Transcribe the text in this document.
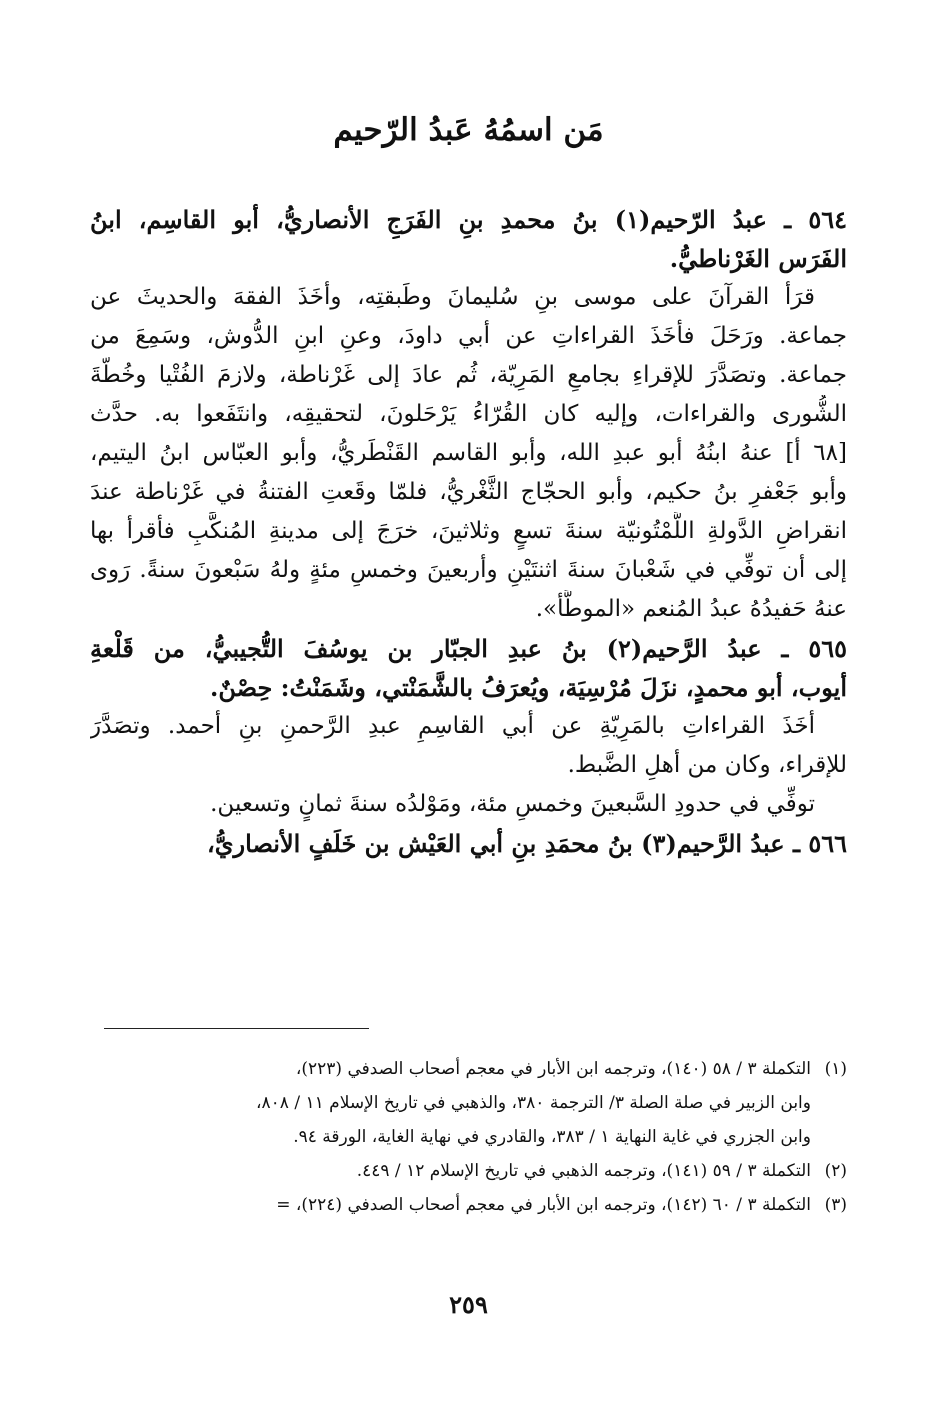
مَن اسمُهُ عَبدُ الرّحيم
٥٦٤ ـ عبدُ الرّحيم(١) بنُ محمدِ بنِ الفَرَجِ الأنصاريُّ، أبو القاسِم، ابنُ
الفَرَس الغَرْناطيُّ.
قرَأ القرآنَ على موسى بنِ سُليمانَ وطَبقتِه، وأخَذَ الفقهَ والحديثَ عن
جماعة. ورَحَلَ فأخَذَ القراءاتِ عن أبي داودَ، وعنِ ابنِ الدُّوش، وسَمِعَ من
جماعة. وتصَدَّرَ للإقراءِ بجامعِ المَرِيّة، ثُم عادَ إلى غَرْناطة، ولازمَ الفُتْيا وخُطّةَ
الشُّورى والقراءات، وإليه كان القُرّاءُ يَرْحَلونَ، لتحقيقِه، وانتَفَعوا به. حدَّث
[٦٨ أ] عنهُ ابنُهُ أبو عبدِ الله، وأبو القاسم القَنْطَريُّ، وأبو العبّاس ابنُ اليتيم،
وأبو جَعْفرِ بنُ حكيم، وأبو الحجّاج الثَّغْريُّ، فلمّا وقَعتِ الفتنةُ في غَرْناطة عندَ
انقراضِ الدَّولةِ اللَّمْتُونيّة سنةَ تسعٍ وثلاثينَ، خرَجَ إلى مدينةِ المُنكَّبِ فأقرأ بها
إلى أن توفِّي في شَعْبانَ سنةَ اثنتَيْنِ وأربعينَ وخمسِ مئةٍ ولهُ سَبْعونَ سنةً. رَوى
عنهُ حَفيدُهُ عبدُ المُنعم «الموطَّأ».
٥٦٥ ـ عبدُ الرَّحيم(٢) بنُ عبدِ الجبّار بن يوسُفَ التُّجيبيُّ، من قَلْعةِ
أيوب، أبو محمدٍ، نزَلَ مُرْسِيَة، ويُعرَفُ بالشَّمَنْتي، وشَمَنْتُ: حِصْنٌ.
أخَذَ القراءاتِ بالمَرِيّةِ عن أبي القاسِمِ عبدِ الرَّحمنِ بنِ أحمد. وتصَدَّرَ
للإقراء، وكان من أهلِ الضَّبط.
توفِّي في حدودِ السَّبعينَ وخمسِ مئة، ومَوْلدُه سنةَ ثمانٍ وتسعين.
٥٦٦ ـ عبدُ الرَّحيم(٣) بنُ محمَدِ بنِ أبي العَيْش بن خَلَفٍ الأنصاريُّ،
(١)التكملة ٣ / ٥٨ (١٤٠)، وترجمه ابن الأبار في معجم أصحاب الصدفي (٢٢٣)،
وابن الزبير في صلة الصلة ٣/ الترجمة ٣٨٠، والذهبي في تاريخ الإسلام ١١ / ٨٠٨،
وابن الجزري في غاية النهاية ١ / ٣٨٣، والقادري في نهاية الغاية، الورقة ٩٤.
(٢)التكملة ٣ / ٥٩ (١٤١)، وترجمه الذهبي في تاريخ الإسلام ١٢ / ٤٤٩.
(٣)التكملة ٣ / ٦٠ (١٤٢)، وترجمه ابن الأبار في معجم أصحاب الصدفي (٢٢٤)، =
٢٥٩
